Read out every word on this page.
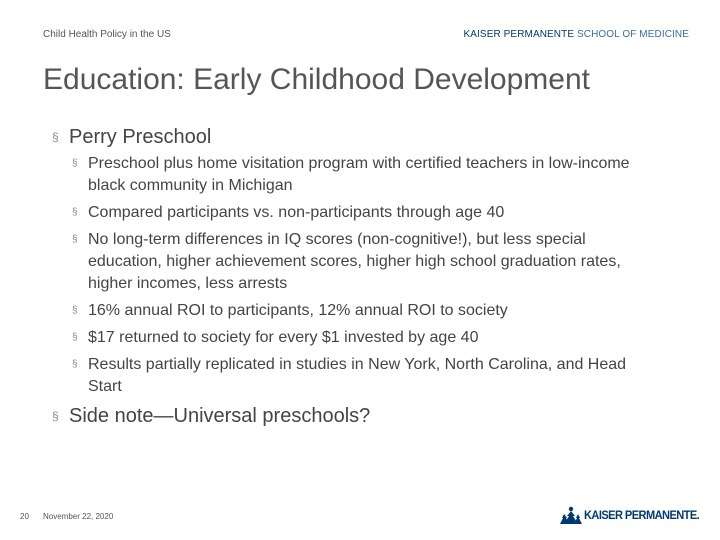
Child Health Policy in the US	KAISER PERMANENTE SCHOOL OF MEDICINE
Education: Early Childhood Development
§ Perry Preschool
§ Preschool plus home visitation program with certified teachers in low-income black community in Michigan
§ Compared participants vs. non-participants through age 40
§ No long-term differences in IQ scores (non-cognitive!), but less special education, higher achievement scores, higher high school graduation rates, higher incomes, less arrests
§ 16% annual ROI to participants, 12% annual ROI to society
§ $17 returned to society for every $1 invested by age 40
§ Results partially replicated in studies in New York, North Carolina, and Head Start
§ Side note—Universal preschools?
20 November 22, 2020	KAISER PERMANENTE.
